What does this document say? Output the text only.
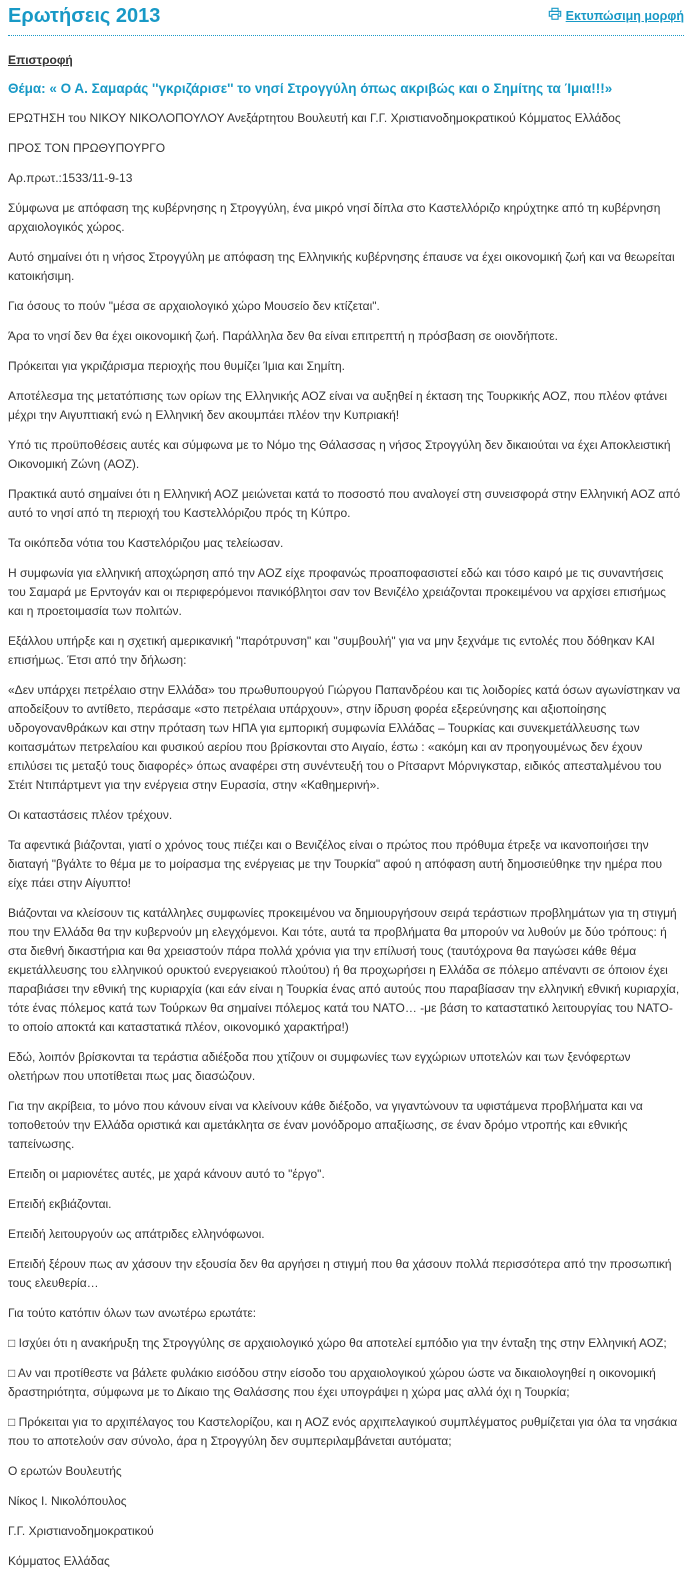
Ερωτήσεις 2013	Εκτυπώσιμη μορφή
Επιστροφή
Θέμα: « Ο Α. Σαμαράς ''γκριζάρισε'' το νησί Στρογγύλη όπως ακριβώς και ο Σημίτης τα Ίμια!!!»

ΕΡΩΤΗΣΗ του ΝΙΚΟΥ ΝΙΚΟΛΟΠΟΥΛΟΥ Ανεξάρτητου Βουλευτή και Γ.Γ. Χριστιανοδημοκρατικού Κόμματος Ελλάδος

ΠΡΟΣ ΤΟΝ ΠΡΩΘΥΠΟΥΡΓΟ

Αρ.πρωτ.:1533/11-9-13

Σύμφωνα με απόφαση της κυβέρνησης η Στρογγύλη, ένα μικρό νησί δίπλα στο Καστελλόριζο κηρύχτηκε από τη κυβέρνηση αρχαιολογικός χώρος.

Αυτό σημαίνει ότι η νήσος Στρογγύλη με απόφαση της Ελληνικής κυβέρνησης έπαυσε να έχει οικονομική ζωή και να θεωρείται κατοικήσιμη.

Για όσους το πούν "μέσα σε αρχαιολογικό χώρο Μουσείο δεν κτίζεται".

Άρα το νησί δεν θα έχει οικονομική ζωή. Παράλληλα δεν θα είναι επιτρεπτή η πρόσβαση σε οιονδήποτε.

Πρόκειται για γκριζάρισμα περιοχής που θυμίζει Ίμια και Σημίτη.

Αποτέλεσμα της μετατόπισης των ορίων της Ελληνικής ΑΟΖ είναι να αυξηθεί η έκταση της Τουρκικής ΑΟΖ, που πλέον φτάνει μέχρι την Αιγυπτιακή ενώ η Ελληνική δεν ακουμπάει πλέον την Κυπριακή!

Υπό τις προϋποθέσεις αυτές και σύμφωνα με το Νόμο της Θάλασσας η νήσος Στρογγύλη δεν δικαιούται να έχει Αποκλειστική Οικονομική Ζώνη (ΑΟΖ).

Πρακτικά αυτό σημαίνει ότι η Ελληνική ΑΟΖ μειώνεται κατά το ποσοστό που αναλογεί στη συνεισφορά στην Ελληνική ΑΟΖ από αυτό το νησί από τη περιοχή του Καστελλόριζου πρός τη Κύπρο.

Τα οικόπεδα νότια του Καστελόριζου μας τελείωσαν.

Η συμφωνία για ελληνική αποχώρηση από την ΑΟΖ είχε προφανώς προαποφασιστεί εδώ και τόσο καιρό με τις συναντήσεις του Σαμαρά με Ερντογάν και οι περιφερόμενοι πανικόβλητοι σαν τον Βενιζέλο χρειάζονται προκειμένου να αρχίσει επισήμως και η προετοιμασία των πολιτών.

Εξάλλου υπήρξε και η σχετική αμερικανική "παρότρυνση" και "συμβουλή" για να μην ξεχνάμε τις εντολές που δόθηκαν ΚΑΙ επισήμως. Έτσι από την δήλωση:

«Δεν υπάρχει πετρέλαιο στην Ελλάδα» του πρωθυπουργού Γιώργου Παπανδρέου και τις λοιδορίες κατά όσων αγωνίστηκαν να αποδείξουν το αντίθετο, περάσαμε «στο πετρέλαια υπάρχουν», στην ίδρυση φορέα εξερεύνησης και αξιοποίησης υδρογονανθράκων και στην πρόταση των ΗΠΑ για εμπορική συμφωνία Ελλάδας – Τουρκίας και συνεκμετάλλευσης των κοιτασμάτων πετρελαίου και φυσικού αερίου που βρίσκονται στο Αιγαίο, έστω : «ακόμη και αν προηγουμένως δεν έχουν επιλύσει τις μεταξύ τους διαφορές» όπως αναφέρει στη συνέντευξή του ο Ρίτσαρντ Μόρνιγκσταρ, ειδικός απεσταλμένου του Στέιτ Ντιπάρτμεντ για την ενέργεια στην Ευρασία, στην «Καθημερινή».

Οι καταστάσεις πλέον τρέχουν.

Τα αφεντικά βιάζονται, γιατί ο χρόνος τους πιέζει και ο Βενιζέλος είναι ο πρώτος που πρόθυμα έτρεξε να ικανοποιήσει την διαταγή "βγάλτε το θέμα με το μοίρασμα της ενέργειας με την Τουρκία" αφού η απόφαση αυτή δημοσιεύθηκε την ημέρα που είχε πάει στην Αίγυπτο!

Βιάζονται να κλείσουν τις κατάλληλες συμφωνίες προκειμένου να δημιουργήσουν σειρά τεράστιων προβλημάτων για τη στιγμή που την Ελλάδα θα την κυβερνούν μη ελεγχόμενοι. Και τότε, αυτά τα προβλήματα θα μπορούν να λυθούν με δύο τρόπους: ή στα διεθνή δικαστήρια και θα χρειαστούν πάρα πολλά χρόνια για την επίλυσή τους (ταυτόχρονα θα παγώσει κάθε θέμα εκμετάλλευσης του ελληνικού ορυκτού ενεργειακού πλούτου) ή θα προχωρήσει η Ελλάδα σε πόλεμο απέναντι σε όποιον έχει παραβιάσει την εθνική της κυριαρχία (και εάν είναι η Τουρκία ένας από αυτούς που παραβίασαν την ελληνική εθνική κυριαρχία, τότε ένας πόλεμος κατά των Τούρκων θα σημαίνει πόλεμος κατά του ΝΑΤΟ… -με βάση το καταστατικό λειτουργίας του ΝΑΤΟ- το οποίο αποκτά και καταστατικά πλέον, οικονομικό χαρακτήρα!)

Εδώ, λοιπόν βρίσκονται τα τεράστια αδιέξοδα που χτίζουν οι συμφωνίες των εγχώριων υποτελών και των ξενόφερτων ολετήρων που υποτίθεται πως μας διασώζουν.

Για την ακρίβεια, το μόνο που κάνουν είναι να κλείνουν κάθε διέξοδο, να γιγαντώνουν τα υφιστάμενα προβλήματα και να τοποθετούν την Ελλάδα οριστικά και αμετάκλητα σε έναν μονόδρομο απαξίωσης, σε έναν δρόμο ντροπής και εθνικής ταπείνωσης.

Επειδη οι μαριονέτες αυτές, με χαρά κάνουν αυτό το "έργο".

Επειδή εκβιάζονται.

Επειδή λειτουργούν ως απάτριδες ελληνόφωνοι.

Επειδή ξέρουν πως αν χάσουν την εξουσία δεν θα αργήσει η στιγμή που θα χάσουν πολλά περισσότερα από την προσωπική τους ελευθερία…

Για τούτο κατόπιν όλων των ανωτέρω ερωτάτε:

□ Ισχύει ότι η ανακήρυξη της Στρογγύλης σε αρχαιολογικό χώρο θα αποτελεί εμπόδιο για την ένταξη της στην Ελληνική ΑΟΖ;

□ Αν ναι προτίθεστε να βάλετε φυλάκιο εισόδου στην είσοδο του αρχαιολογικού χώρου ώστε να δικαιολογηθεί η οικονομική δραστηριότητα, σύμφωνα με το Δίκαιο της Θαλάσσης που έχει υπογράψει η χώρα μας αλλά όχι η Τουρκία;

□ Πρόκειται για το αρχιπέλαγος του Καστελορίζου, και η ΑΟΖ ενός αρχιπελαγικού συμπλέγματος ρυθμίζεται για όλα τα νησάκια που το αποτελούν σαν σύνολο, άρα η Στρογγύλη δεν συμπεριλαμβάνεται αυτόματα;

Ο ερωτών Βουλευτής

Νίκος Ι. Νικολόπουλος

Γ.Γ. Χριστιανοδημοκρατικού

Κόμματος Ελλάδας
